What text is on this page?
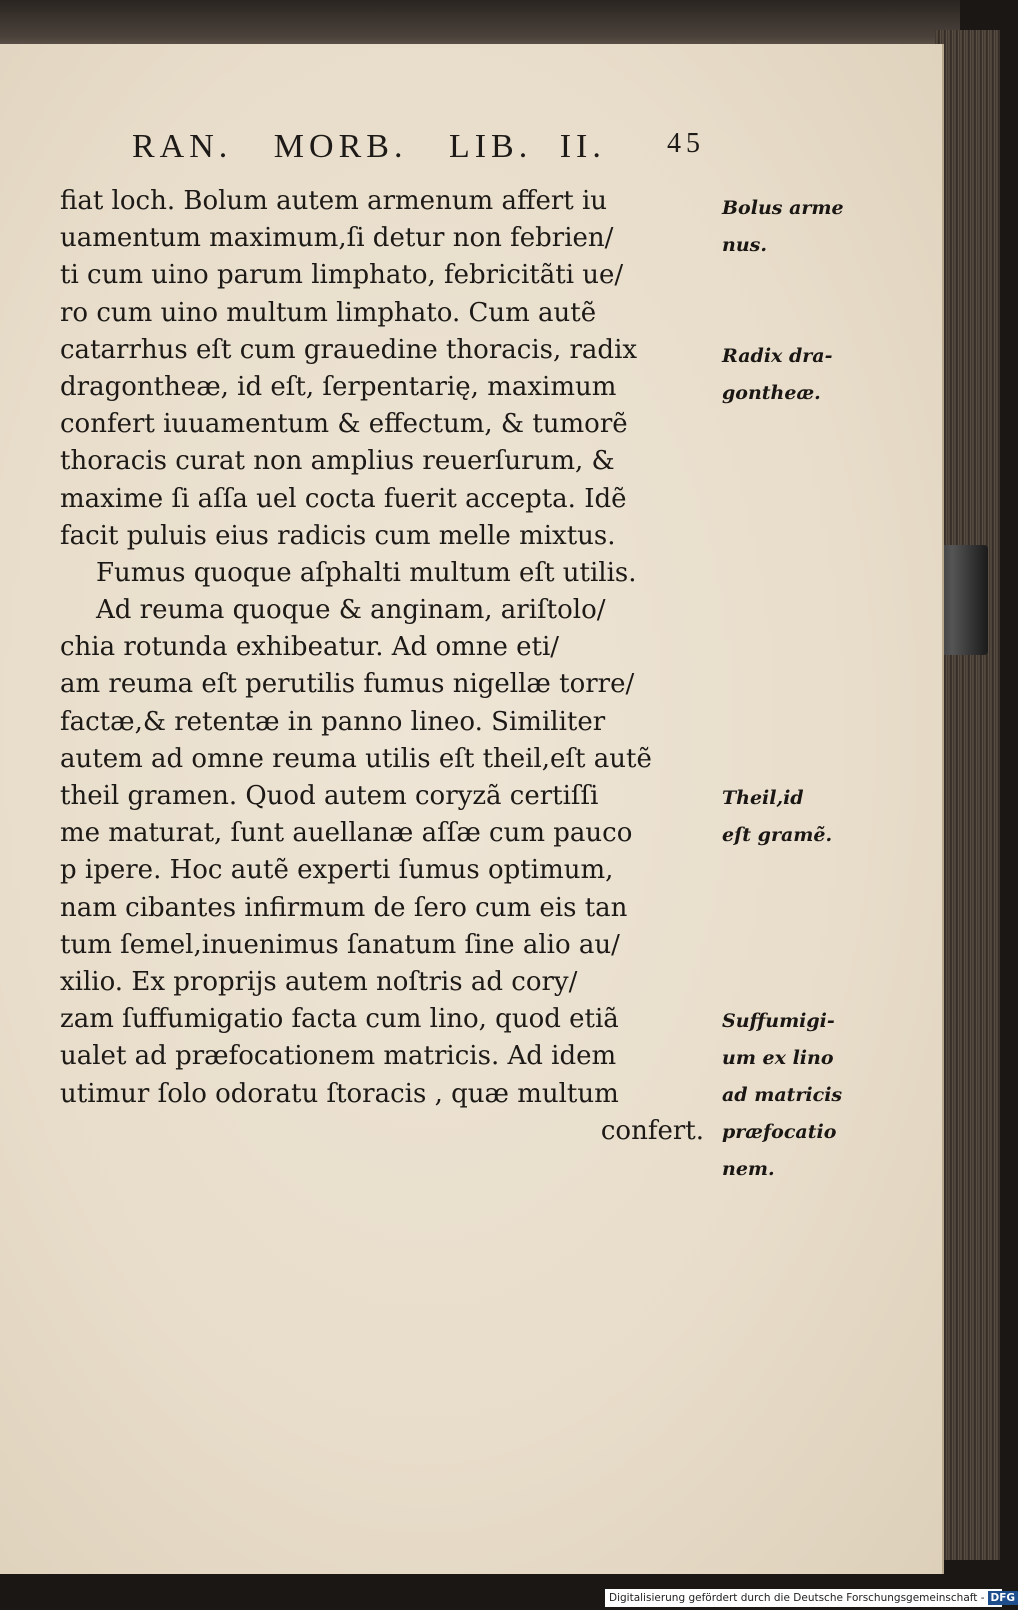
RAN. MORB. LIB. II. 45
ﬁat loch. Bolum autem armenum affert iu
uamentum maximum,ſi detur non febrien/
ti cum uino parum limphato, febricitãti ue/
ro cum uino multum limphato. Cum autẽ
catarrhus eſt cum grauedine thoracis, radix
dragontheæ, id eſt, ſerpentarię, maximum
confert iuuamentum & effectum, & tumorẽ
thoracis curat non amplius reuerſurum, &
maxime ſi aſſa uel cocta fuerit accepta. Idẽ
facit puluis eius radicis cum melle mixtus.
Fumus quoque aſphalti multum eſt utilis.
Ad reuma quoque & anginam, ariſtolo/
chia rotunda exhibeatur. Ad omne eti/
am reuma eſt perutilis fumus nigellæ torre/
factæ,& retentæ in panno lineo. Similiter
autem ad omne reuma utilis eſt theil,eſt autẽ
theil gramen. Quod autem coryzã certiſſi
me maturat, ſunt auellanæ aſſæ cum pauco
p ipere. Hoc autẽ experti ſumus optimum,
nam cibantes inﬁrmum de ſero cum eis tan
tum ſemel,inuenimus ſanatum ſine alio au/
xilio. Ex proprijs autem noſtris ad cory/
zam ſuffumigatio facta cum lino, quod etiã
ualet ad præfocationem matricis. Ad idem
utimur ſolo odoratu ſtoracis , quæ multum
confert.
Bolus arme
nus.
Radix dra-
gontheæ.
Theil,id
eſt gramẽ.
Suffumigi-
um ex lino
ad matricis
præfocatio
nem.
Digitalisierung gefördert durch die Deutsche Forschungsgemeinschaft - DFG
